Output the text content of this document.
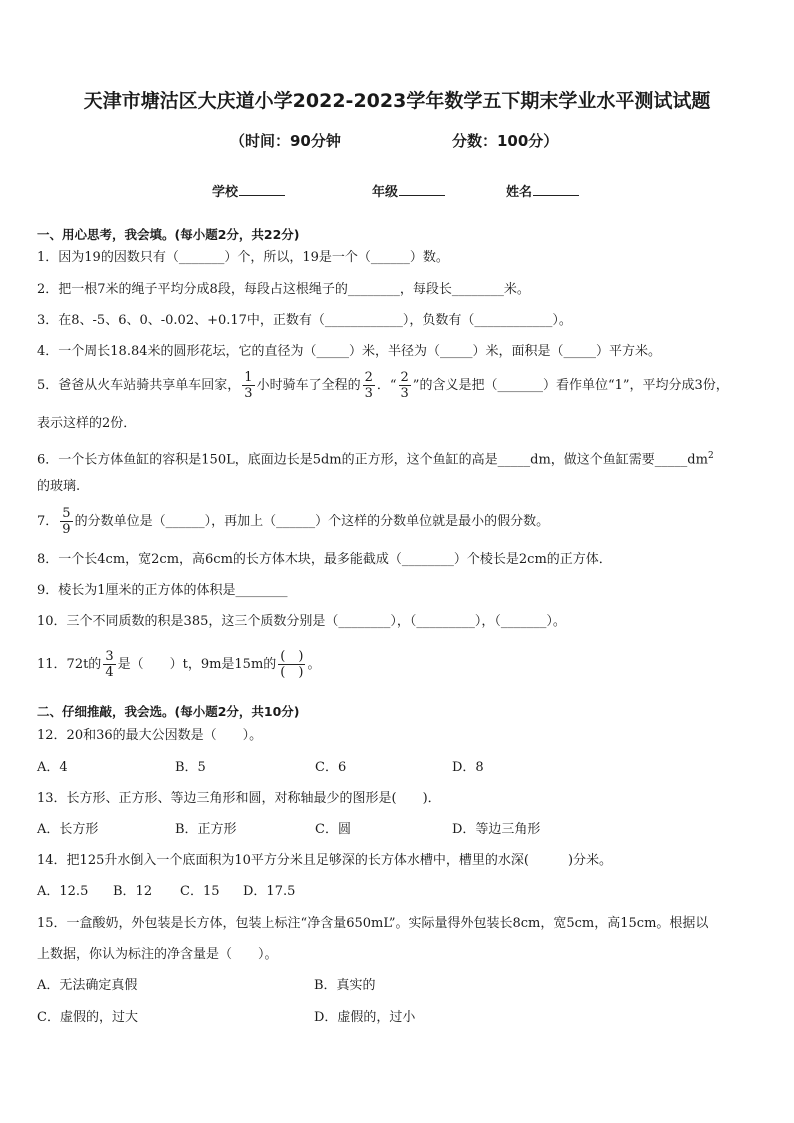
天津市塘沽区大庆道小学2022-2023学年数学五下期末学业水平测试试题
（时间：90分钟	分数：100分）
学校	年级	姓名
一、用心思考，我会填。(每小题2分，共22分)
1．因为19的因数只有（_______）个，所以，19是一个（______）数。
2．把一根7米的绳子平均分成8段，每段占这根绳子的________，每段长________米。
3．在8、-5、6、0、-0.02、+0.17中，正数有（____________），负数有（____________）。
4．一个周长18.84米的圆形花坛，它的直径为（_____）米，半径为（_____）米，面积是（_____）平方米。
5．爸爸从火车站骑共享单车回家， $\frac{1}{3}$ 小时骑车了全程的 $\frac{2}{3}$ ．“ $\frac{2}{3}$ ”的含义是把（_______）看作单位“1”，平均分成3份，
表示这样的2份．
6．一个长方体鱼缸的容积是150L，底面边长是5dm的正方形，这个鱼缸的高是_____dm，做这个鱼缸需要$\_\_\_\_\_dm^2$
的玻璃.
7． $\frac{5}{9}$ 的分数单位是（______），再加上（______）个这样的分数单位就是最小的假分数。
8．一个长4cm，宽2cm，高6cm的长方体木块，最多能截成（________）个棱长是2cm的正方体．
9．棱长为1厘米的正方体的体积是________
10．三个不同质数的积是385，这三个质数分别是（________），（_________），（_______）。
11．72t的 $\frac{3}{4}$ 是（　　）t，9m是15m的 $\frac{( )}{( )}$ 。
二、仔细推敲，我会选。(每小题2分，共10分)
12．20和36的最大公因数是（　　）。
A．4	B．5	C．6	D．8
13．长方形、正方形、等边三角形和圆，对称轴最少的图形是(　　)．
A．长方形	B．正方形	C．圆	D．等边三角形
14．把125升水倒入一个底面积为10平方分米且足够深的长方体水槽中，槽里的水深(　　　)分米。
A．12.5 B．12 C．15 D．17.5
15．一盒酸奶，外包装是长方体，包装上标注“净含量650mL”。实际量得外包装长8cm，宽5cm，高15cm。根据以
上数据，你认为标注的净含量是（　　）。
A．无法确定真假	B．真实的
C．虚假的，过大	D．虚假的，过小
